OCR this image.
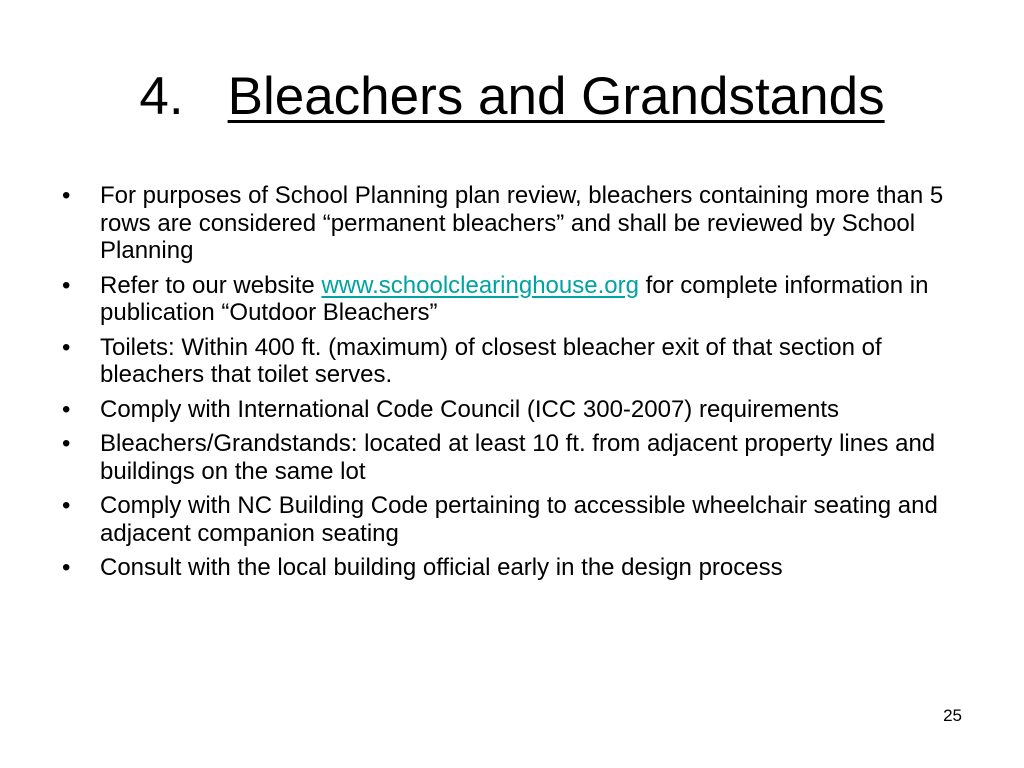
4. Bleachers and Grandstands
• For purposes of School Planning plan review, bleachers containing more than 5 rows are considered “permanent bleachers” and shall be reviewed by School Planning
• Refer to our website www.schoolclearinghouse.org for complete information in publication “Outdoor Bleachers”
• Toilets: Within 400 ft. (maximum) of closest bleacher exit of that section of bleachers that toilet serves.
• Comply with International Code Council (ICC 300-2007) requirements
• Bleachers/Grandstands: located at least 10 ft. from adjacent property lines and buildings on the same lot
• Comply with NC Building Code pertaining to accessible wheelchair seating and adjacent companion seating
• Consult with the local building official early in the design process
25
